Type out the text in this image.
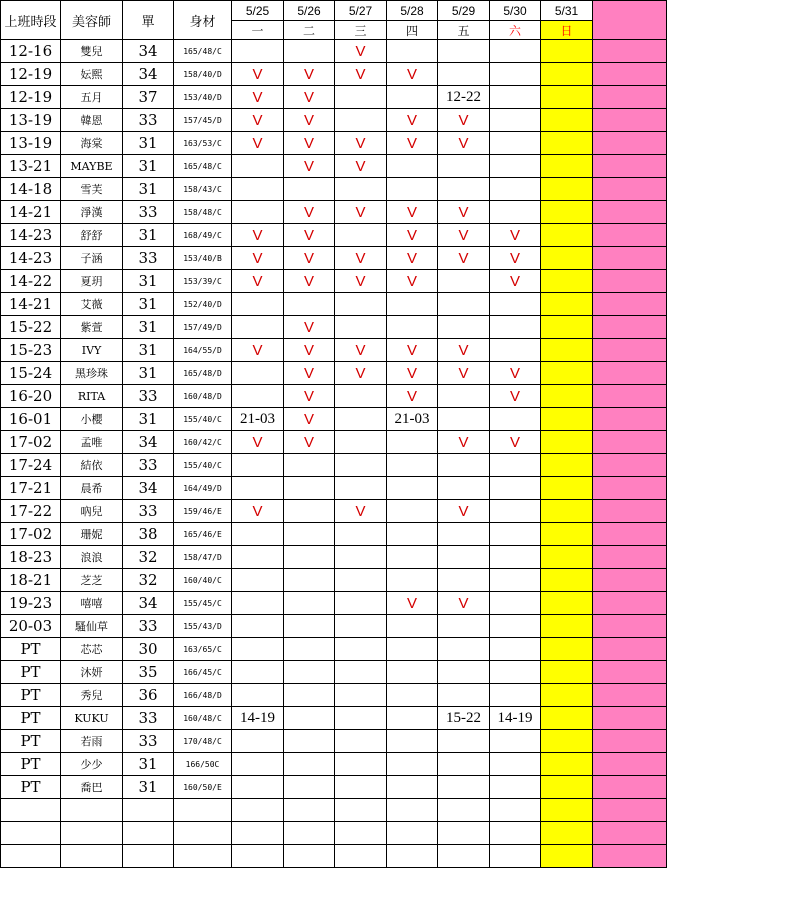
上班時段	美容師	單	身材	5/25	5/26	5/27	5/28	5/29	5/30	5/31	
				一	二	三	四	五	六	日	
12-16	雙兒	34	165/48/C			V					
12-19	妘熙	34	158/40/D	V	V	V	V				
12-19	五月	37	153/40/D	V	V			12-22			
13-19	韓恩	33	157/45/D	V	V		V	V			
13-19	海棠	31	163/53/C	V	V	V	V	V			
13-21	MAYBE	31	165/48/C		V	V					
14-18	雪芙	31	158/43/C								
14-21	淨漢	33	158/48/C		V	V	V	V			
14-23	舒舒	31	168/49/C	V	V		V	V	V		
14-23	子涵	33	153/40/B	V	V	V	V	V	V		
14-22	夏玥	31	153/39/C	V	V	V	V		V		
14-21	艾薇	31	152/40/D								
15-22	紫萱	31	157/49/D		V						
15-23	IVY	31	164/55/D	V	V	V	V	V			
15-24	黑珍珠	31	165/48/D		V	V	V	V	V		
16-20	RITA	33	160/48/D		V		V		V		
16-01	小櫻	31	155/40/C	21-03	V		21-03				
17-02	孟唯	34	160/42/C	V	V			V	V		
17-24	結依	33	155/40/C								
17-21	晨希	34	164/49/D								
17-22	吶兒	33	159/46/E	V		V		V			
17-02	珊妮	38	165/46/E								
18-23	浪浪	32	158/47/D								
18-21	芝芝	32	160/40/C								
19-23	嘻嘻	34	155/45/C				V	V			
20-03	騷仙草	33	155/43/D								
PT	芯芯	30	163/65/C								
PT	沐妍	35	166/45/C								
PT	秀兒	36	166/48/D								
PT	KUKU	33	160/48/C	14-19				15-22	14-19		
PT	若雨	33	170/48/C								
PT	少少	31	166/50C								
PT	喬巴	31	160/50/E								
